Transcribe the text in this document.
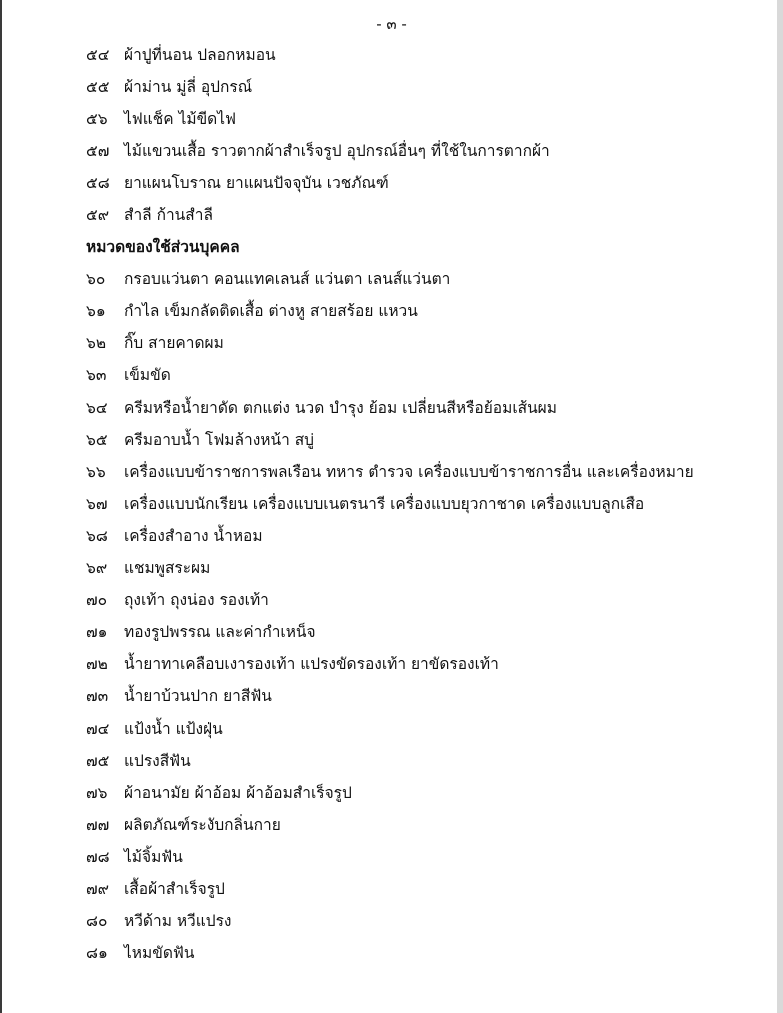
- ๓ -
๕๔ ผ้าปูที่นอน ปลอกหมอน
๕๕ ผ้าม่าน มู่ลี่ อุปกรณ์
๕๖	ไฟแช็ค ไม้ขีดไฟ
๕๗ ไม้แขวนเสื้อ ราวตากผ้าสำเร็จรูป อุปกรณ์อื่นๆ ที่ใช้ในการตากผ้า
๕๘ ยาแผนโบราณ ยาแผนปัจจุบัน เวชภัณฑ์
๕๙ สำลี ก้านสำลี
หมวดของใช้ส่วนบุคคล
๖๐	กรอบแว่นตา คอนแทคเลนส์ แว่นตา เลนส์แว่นตา
๖๑	กำไล เข็มกลัดติดเสื้อ ต่างหู สายสร้อย แหวน
๖๒	กิ๊บ สายคาดผม
๖๓	เข็มขัด
๖๔	ครีมหรือน้ำยาดัด ตกแต่ง นวด บำรุง ย้อม เปลี่ยนสีหรือย้อมเส้นผม
๖๕	ครีมอาบน้ำ โฟมล้างหน้า สบู่
๖๖	เครื่องแบบข้าราชการพลเรือน ทหาร ตำรวจ เครื่องแบบข้าราชการอื่น และเครื่องหมาย
๖๗	เครื่องแบบนักเรียน เครื่องแบบเนตรนารี เครื่องแบบยุวกาชาด เครื่องแบบลูกเสือ
๖๘	เครื่องสำอาง น้ำหอม
๖๙	แชมพูสระผม
๗๐	ถุงเท้า ถุงน่อง รองเท้า
๗๑	ทองรูปพรรณ และค่ากำเหน็จ
๗๒	น้ำยาทาเคลือบเงารองเท้า แปรงขัดรองเท้า ยาขัดรองเท้า
๗๓	น้ำยาบ้วนปาก ยาสีฟัน
๗๔ แป้งน้ำ แป้งฝุ่น
๗๕ แปรงสีฟัน
๗๖	ผ้าอนามัย ผ้าอ้อม ผ้าอ้อมสำเร็จรูป
๗๗ ผลิตภัณฑ์ระงับกลิ่นกาย
๗๘ ไม้จิ้มฟัน
๗๙ เสื้อผ้าสำเร็จรูป
๘๐	หวีด้าม หวีแปรง
๘๑	ไหมขัดฟัน
